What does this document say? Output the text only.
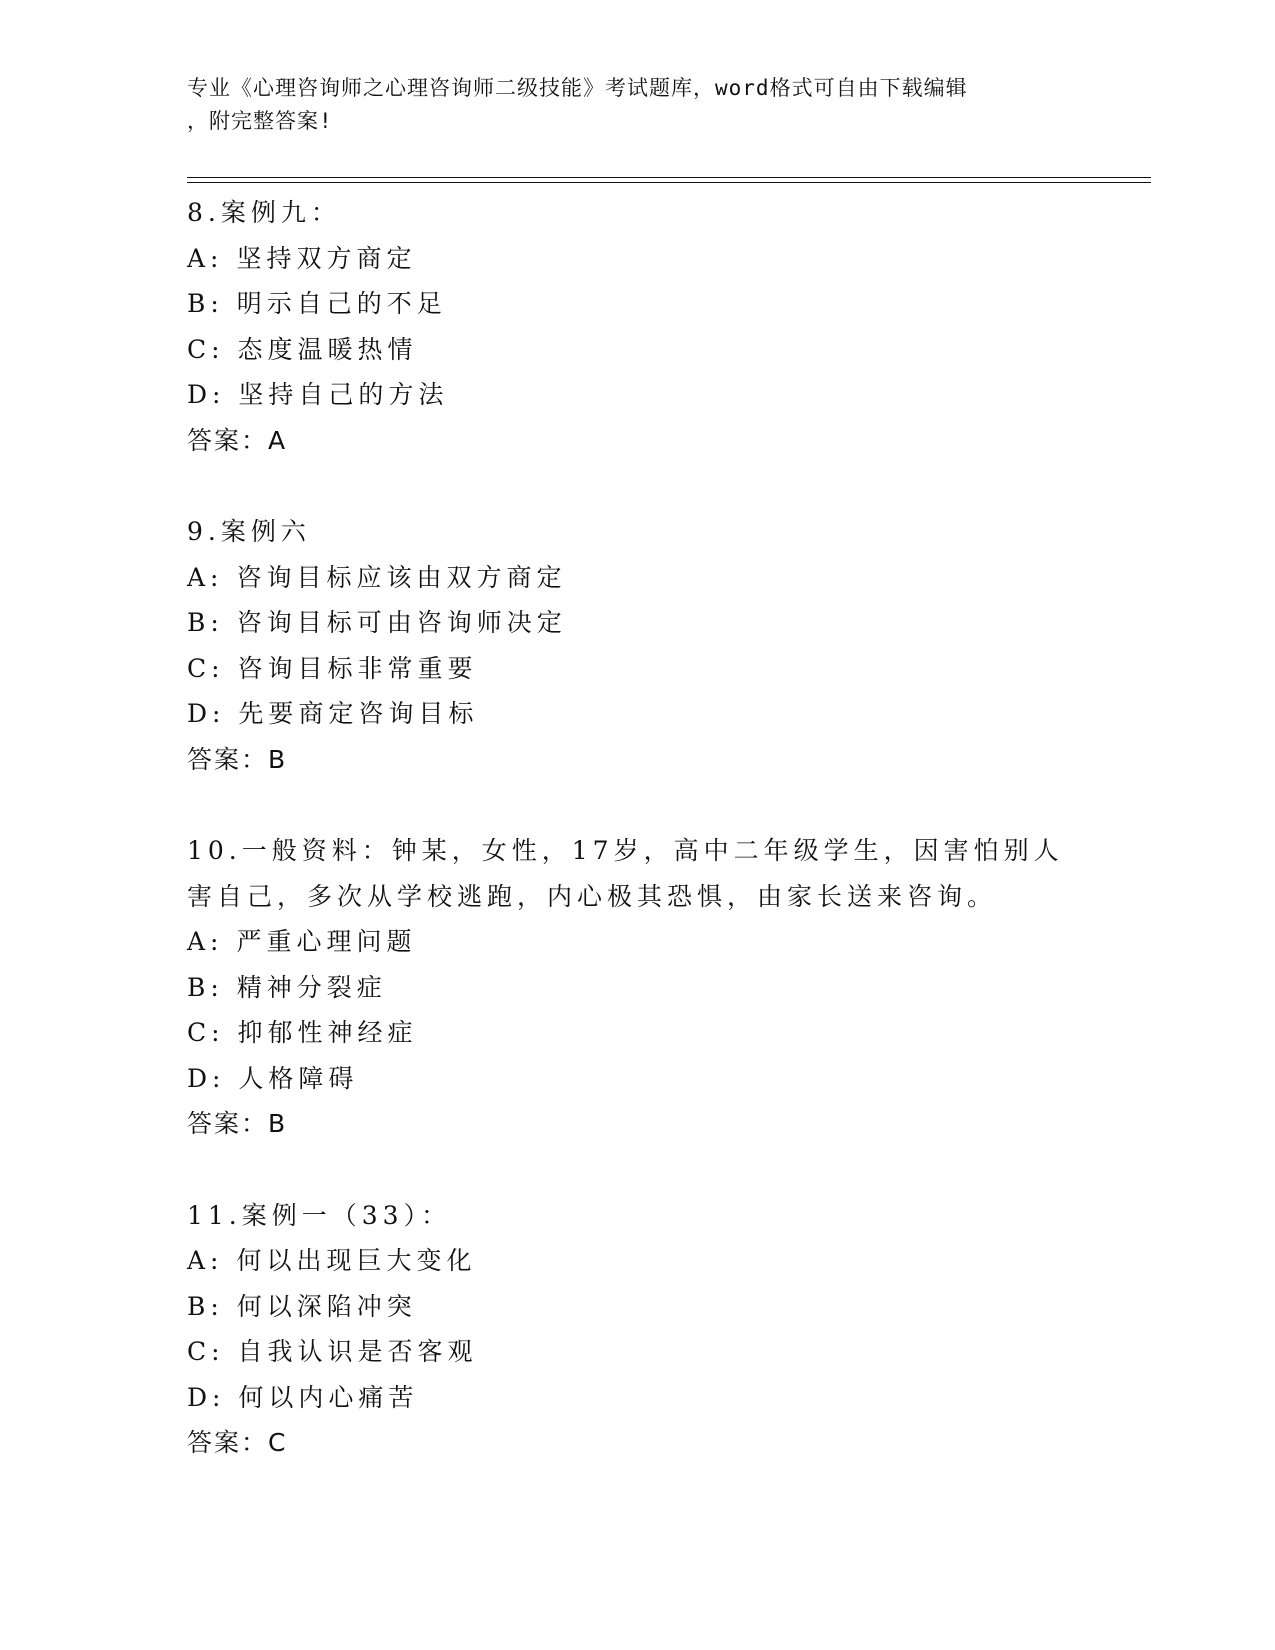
专业《心理咨询师之心理咨询师二级技能》考试题库，word格式可自由下载编辑
，附完整答案!
8.案例九：
A: 坚持双方商定
B: 明示自己的不足
C: 态度温暖热情
D: 坚持自己的方法
答案：A
9.案例六
A: 咨询目标应该由双方商定
B: 咨询目标可由咨询师决定
C: 咨询目标非常重要
D: 先要商定咨询目标
答案：B
10.一般资料：钟某，女性，17岁，高中二年级学生，因害怕别人害自己，多次从学校逃跑，内心极其恐惧，由家长送来咨询。
A: 严重心理问题
B: 精神分裂症
C: 抑郁性神经症
D: 人格障碍
答案：B
11.案例一（33）：
A: 何以出现巨大变化
B: 何以深陷冲突
C: 自我认识是否客观
D: 何以内心痛苦
答案：C
